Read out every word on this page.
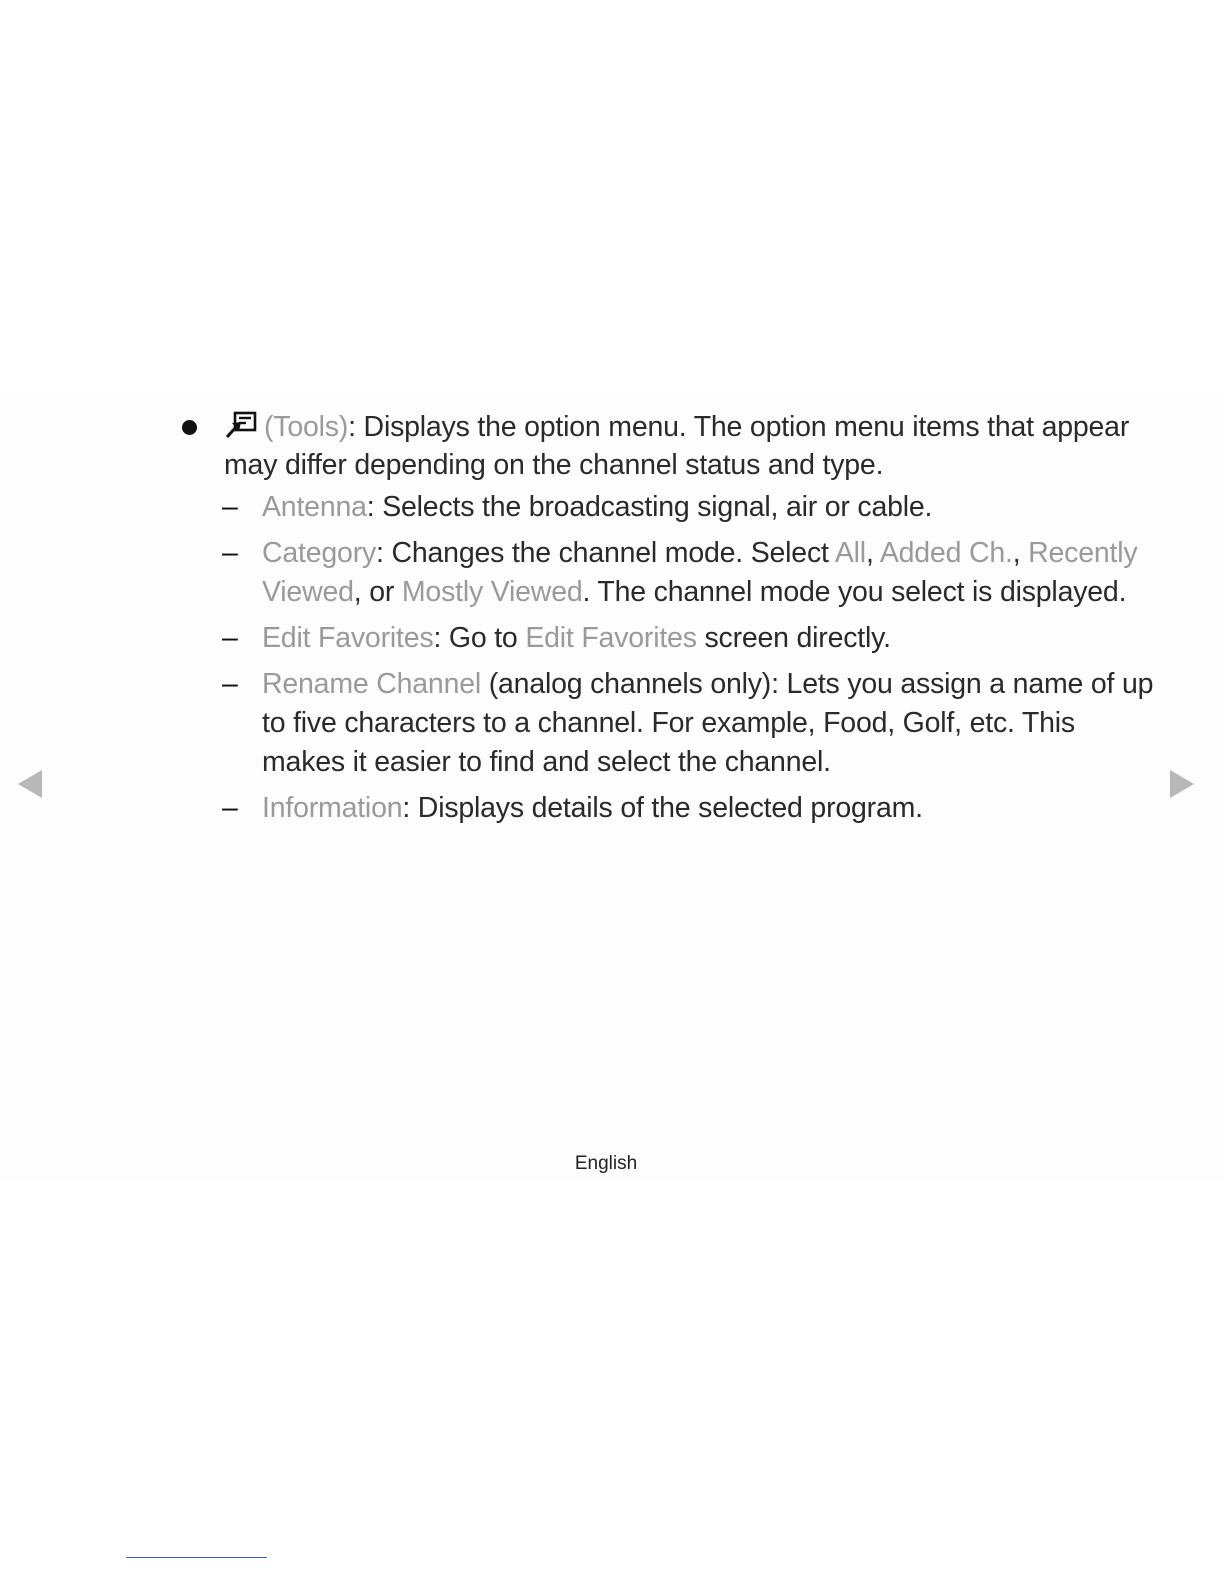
(Tools): Displays the option menu. The option menu items that appear may differ depending on the channel status and type.
– Antenna: Selects the broadcasting signal, air or cable.
– Category: Changes the channel mode. Select All, Added Ch., Recently Viewed, or Mostly Viewed. The channel mode you select is displayed.
– Edit Favorites: Go to Edit Favorites screen directly.
– Rename Channel (analog channels only): Lets you assign a name of up to five characters to a channel. For example, Food, Golf, etc. This makes it easier to find and select the channel.
– Information: Displays details of the selected program.
English
